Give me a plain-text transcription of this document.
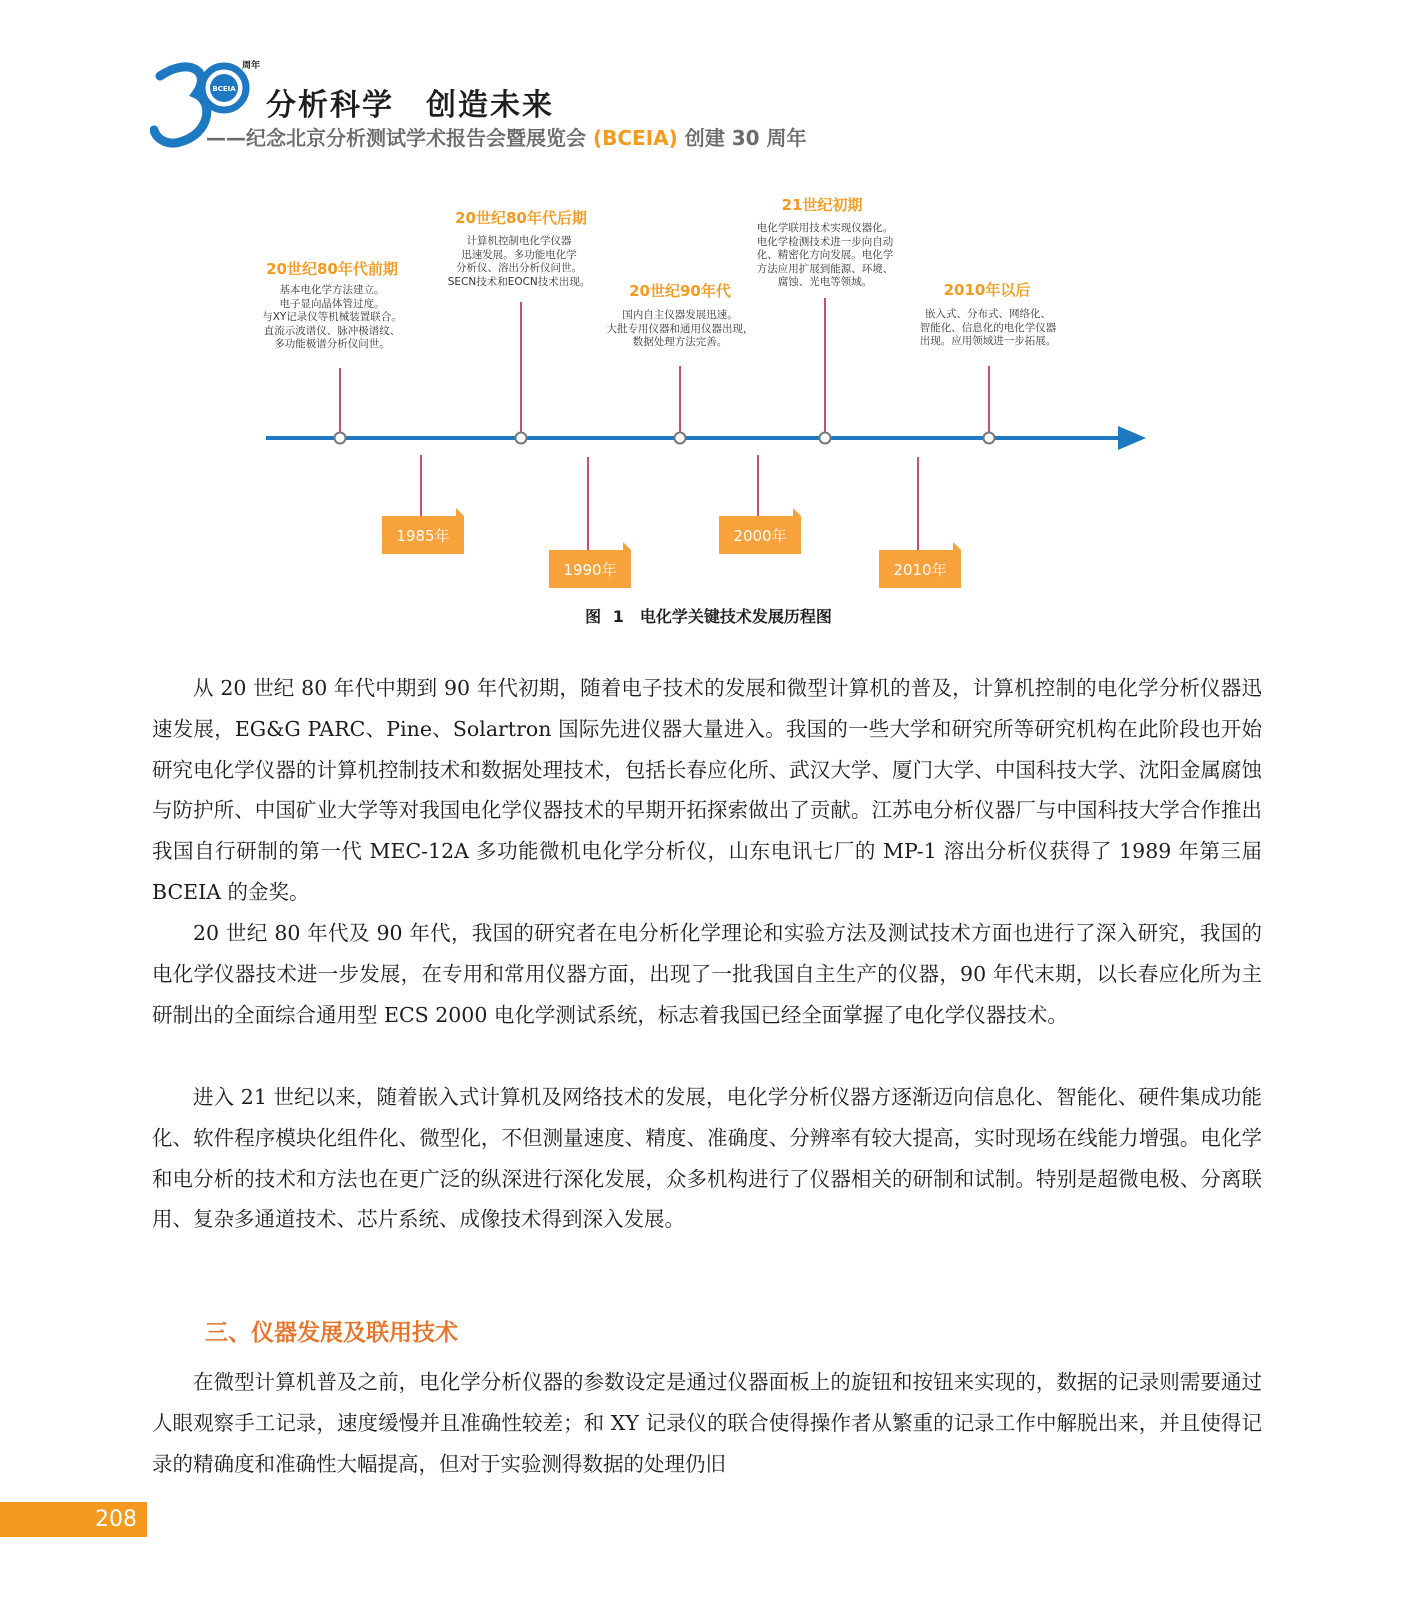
BCEIA
周年
30	分析科学　创造未来
——纪念北京分析测试学术报告会暨展览会 (BCEIA) 创建 30 周年
20世纪80年代前期
基本电化学方法建立。
电子显向晶体管过度。
与XY记录仪等机械装置联合。
直流示波谱仪、脉冲极谱纹、
多功能极谱分析仪问世。
20世纪80年代后期
计算机控制电化学仪器
迅速发展。多功能电化学
分析仪、溶出分析仪问世。
SECN技术和EOCN技术出现。
20世纪90年代
国内自主仪器发展迅速。
大批专用仪器和通用仪器出现，
数据处理方法完善。
21世纪初期
电化学联用技术实现仪器化。
电化学检测技术进一步向自动
化、精密化方向发展。电化学
方法应用扩展到能源、环境、
腐蚀、光电等领域。	2010年以后
嵌入式、分布式、网络化、
智能化、信息化的电化学仪器
出现。应用领域进一步拓展。
1985年
1990年
2000年
2010年
图 1　电化学关键技术发展历程图
从 20 世纪 80 年代中期到 90 年代初期，随着电子技术的发展和微型计算机的普及，计算机控制的电化学分析仪器迅速发展，EG&G PARC、Pine、Solartron 国际先进仪器大量进入。我国的一些大学和研究所等研究机构在此阶段也开始研究电化学仪器的计算机控制技术和数据处理技术，包括长春应化所、武汉大学、厦门大学、中国科技大学、沈阳金属腐蚀与防护所、中国矿业大学等对我国电化学仪器技术的早期开拓探索做出了贡献。江苏电分析仪器厂与中国科技大学合作推出我国自行研制的第一代 MEC-12A 多功能微机电化学分析仪，山东电讯七厂的 MP-1 溶出分析仪获得了 1989 年第三届 BCEIA 的金奖。
20 世纪 80 年代及 90 年代，我国的研究者在电分析化学理论和实验方法及测试技术方面也进行了深入研究，我国的电化学仪器技术进一步发展，在专用和常用仪器方面，出现了一批我国自主生产的仪器，90 年代末期，以长春应化所为主研制出的全面综合通用型 ECS 2000 电化学测试系统，标志着我国已经全面掌握了电化学仪器技术。
进入 21 世纪以来，随着嵌入式计算机及网络技术的发展，电化学分析仪器方逐渐迈向信息化、智能化、硬件集成功能化、软件程序模块化组件化、微型化，不但测量速度、精度、准确度、分辨率有较大提高，实时现场在线能力增强。电化学和电分析的技术和方法也在更广泛的纵深进行深化发展，众多机构进行了仪器相关的研制和试制。特别是超微电极、分离联用、复杂多通道技术、芯片系统、成像技术得到深入发展。
三、仪器发展及联用技术
在微型计算机普及之前，电化学分析仪器的参数设定是通过仪器面板上的旋钮和按钮来实现的，数据的记录则需要通过人眼观察手工记录，速度缓慢并且准确性较差；和 XY 记录仪的联合使得操作者从繁重的记录工作中解脱出来，并且使得记录的精确度和准确性大幅提高，但对于实验测得数据的处理仍旧
208
